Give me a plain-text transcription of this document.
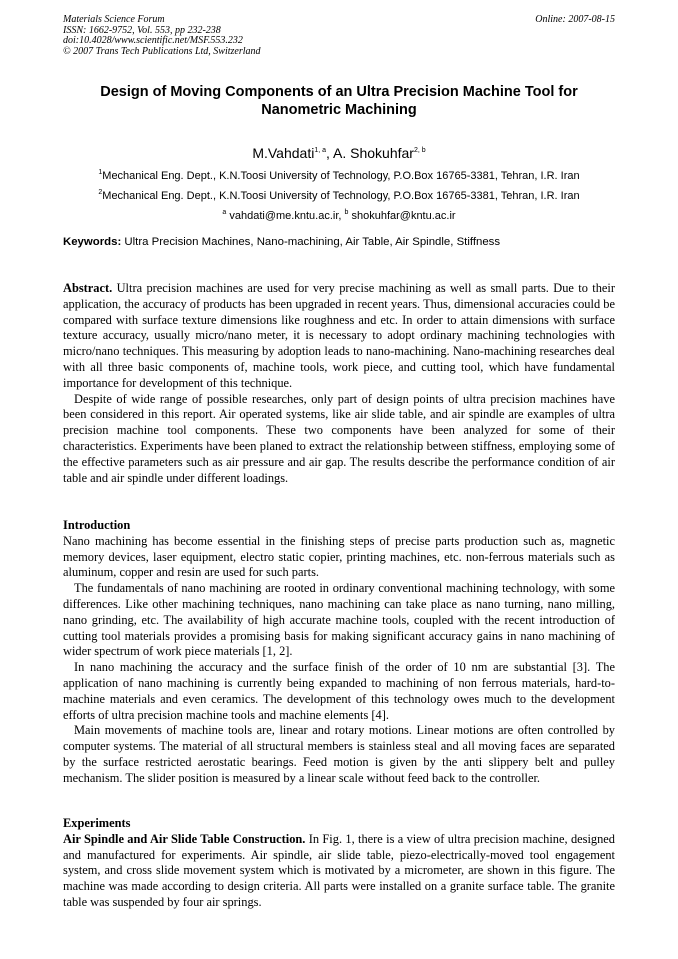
Materials Science Forum
ISSN: 1662-9752, Vol. 553, pp 232-238
doi:10.4028/www.scientific.net/MSF.553.232
© 2007 Trans Tech Publications Ltd, Switzerland
Online: 2007-08-15
Design of Moving Components of an Ultra Precision Machine Tool for Nanometric Machining
M.Vahdati$^{1, a}$, A. Shokuhfar$^{2, b}$
$^1$Mechanical Eng. Dept., K.N.Toosi University of Technology, P.O.Box 16765-3381, Tehran, I.R. Iran
$^2$Mechanical Eng. Dept., K.N.Toosi University of Technology, P.O.Box 16765-3381, Tehran, I.R. Iran
$^a$ vahdati@me.kntu.ac.ir, $^b$ shokuhfar@kntu.ac.ir
Keywords: Ultra Precision Machines, Nano-machining, Air Table, Air Spindle, Stiffness

Abstract. Ultra precision machines are used for very precise machining as well as small parts. Due to their application, the accuracy of products has been upgraded in recent years. Thus, dimensional accuracies could be compared with surface texture dimensions like roughness and etc. In order to attain dimensions with surface texture accuracy, usually micro/nano meter, it is necessary to adopt ordinary machining technologies with micro/nano techniques. This measuring by adoption leads to nano-machining. Nano-machining researches deal with all three basic components of, machine tools, work piece, and cutting tool, which have fundamental importance for development of this technique.

Despite of wide range of possible researches, only part of design points of ultra precision machines have been considered in this report. Air operated systems, like air slide table, and air spindle are examples of ultra precision machine tool components. These two components have been analyzed for some of their characteristics. Experiments have been planed to extract the relationship between stiffness, employing some of the effective parameters such as air pressure and air gap. The results describe the performance condition of air table and air spindle under different loadings.

Introduction

Nano machining has become essential in the finishing steps of precise parts production such as, magnetic memory devices, laser equipment, electro static copier, printing machines, etc. non-ferrous materials such as aluminum, copper and resin are used for such parts.

The fundamentals of nano machining are rooted in ordinary conventional machining technology, with some differences. Like other machining techniques, nano machining can take place as nano turning, nano milling, nano grinding, etc. The availability of high accurate machine tools, coupled with the recent introduction of cutting tool materials provides a promising basis for making significant accuracy gains in nano machining of wider spectrum of work piece materials [1, 2].

In nano machining the accuracy and the surface finish of the order of 10 nm are substantial [3]. The application of nano machining is currently being expanded to machining of non ferrous materials, hard-to-machine materials and even ceramics. The development of this technology owes much to the development efforts of ultra precision machine tools and machine elements [4].

Main movements of machine tools are, linear and rotary motions. Linear motions are often controlled by computer systems. The material of all structural members is stainless steal and all moving faces are separated by the surface restricted aerostatic bearings. Feed motion is given by the anti slippery belt and pulley mechanism. The slider position is measured by a linear scale without feed back to the controller.

Experiments

Air Spindle and Air Slide Table Construction. In Fig. 1, there is a view of ultra precision machine, designed and manufactured for experiments. Air spindle, air slide table, piezo-electrically-moved tool engagement system, and cross slide movement system which is motivated by a micrometer, are shown in this figure. The machine was made according to design criteria. All parts were installed on a granite surface table. The granite table was suspended by four air springs.
